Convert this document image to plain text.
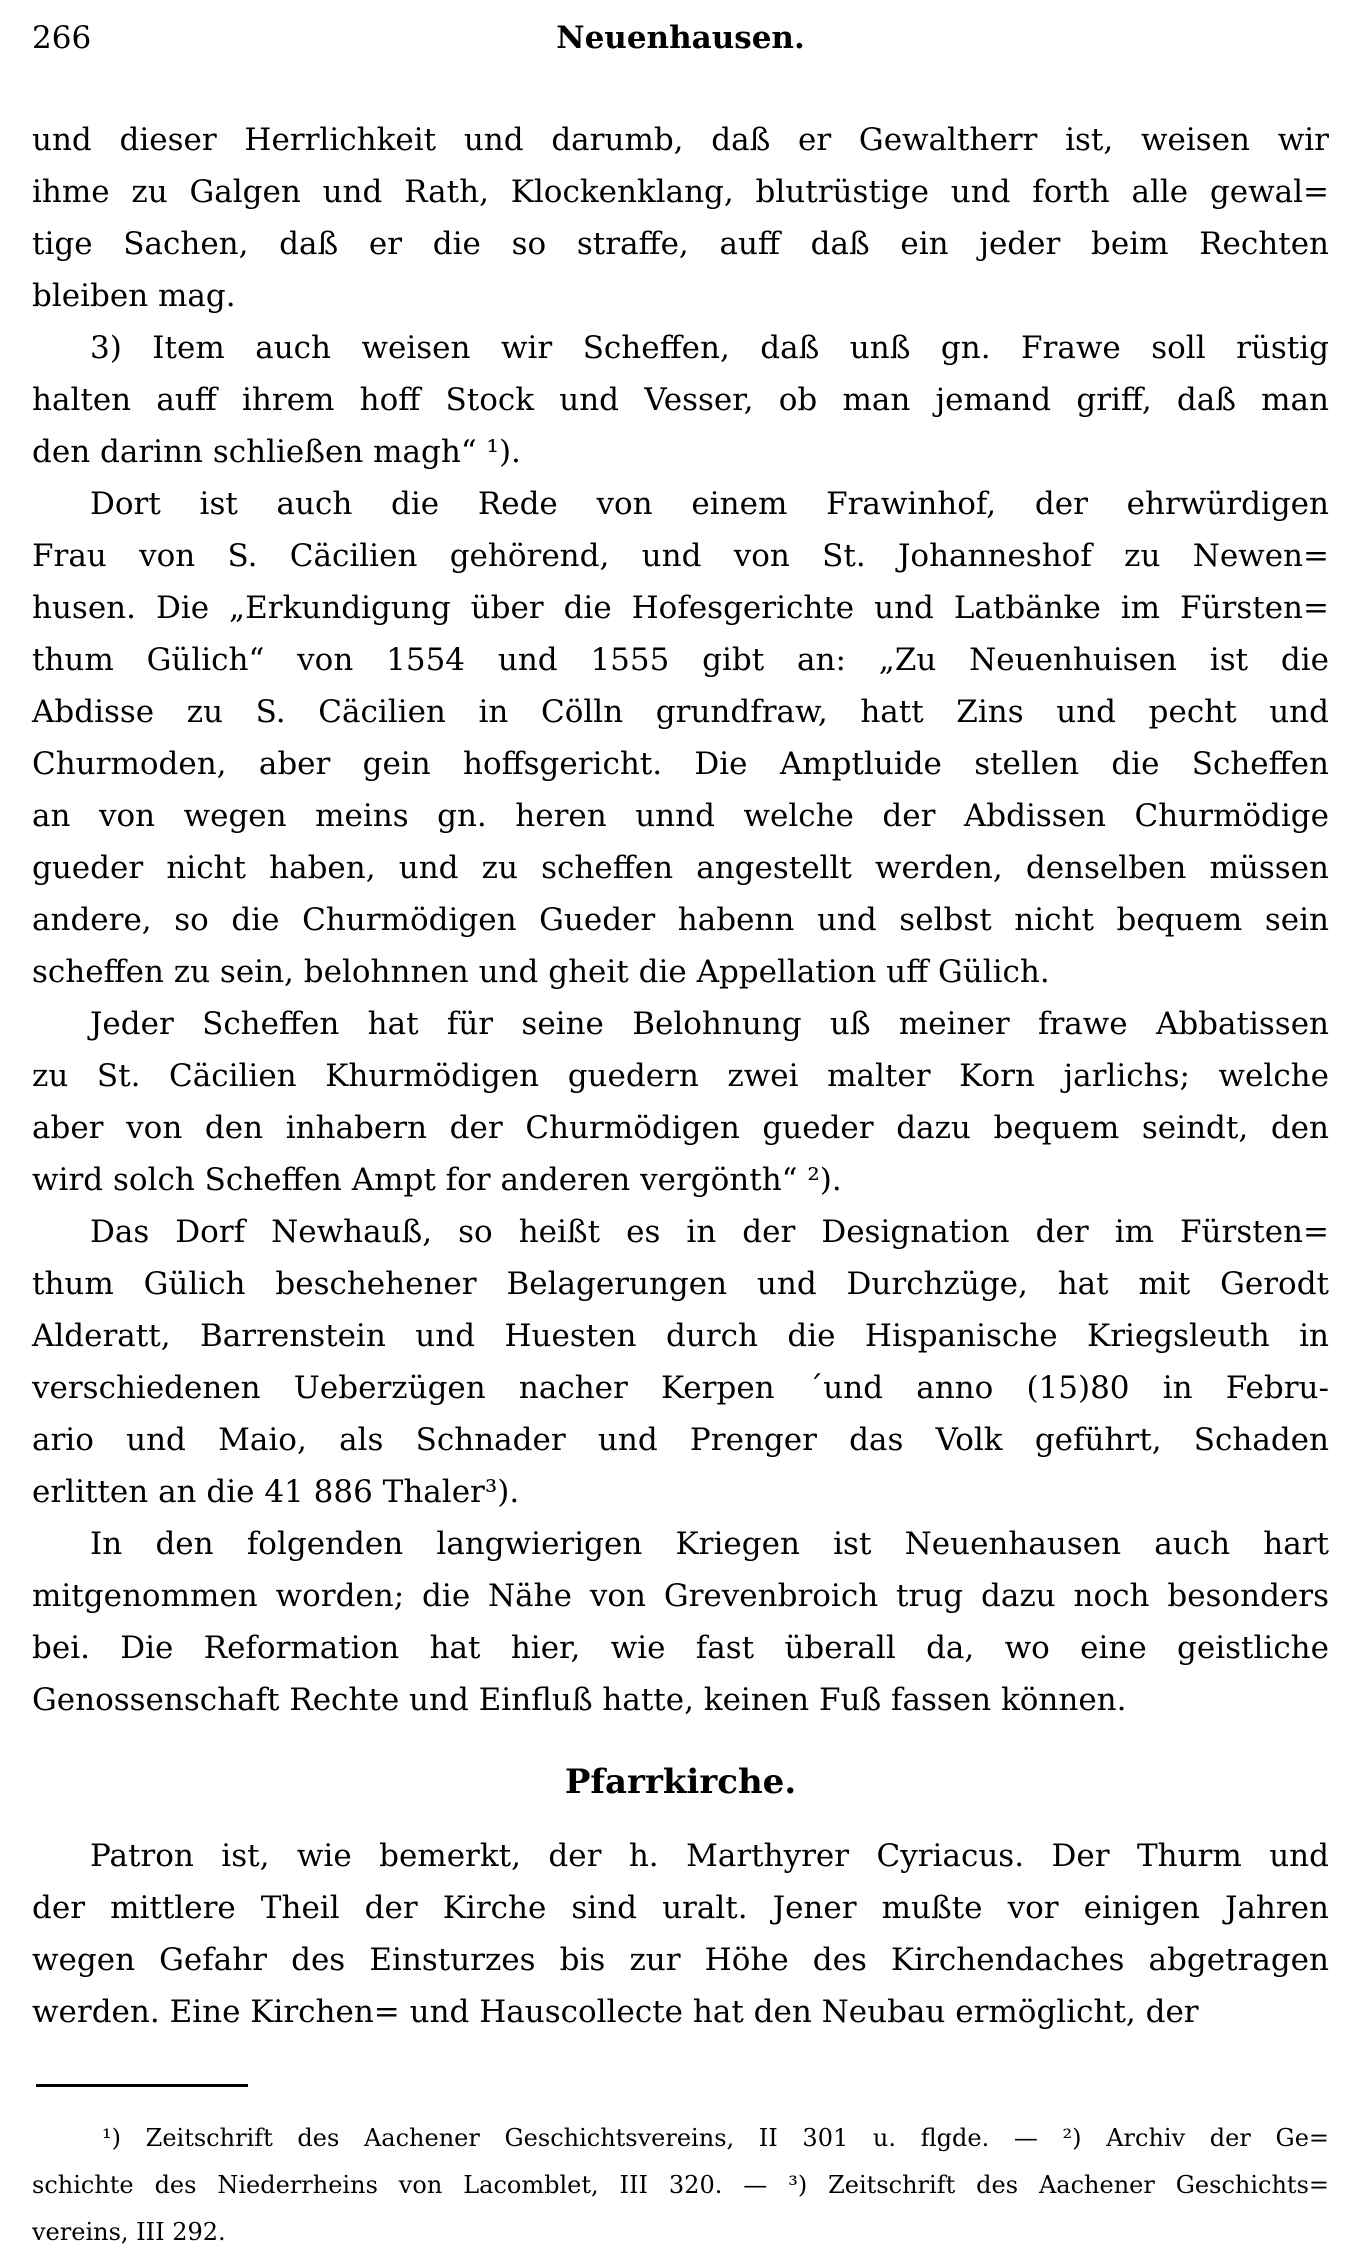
266	Neuenhausen.
und dieser Herrlichkeit und darumb, daß er Gewaltherr ist, weisen wir
ihme zu Galgen und Rath, Klockenklang, blutrüstige und forth alle gewal=
tige Sachen, daß er die so straffe, auff daß ein jeder beim Rechten
bleiben mag.
3) Item auch weisen wir Scheffen, daß unß gn. Frawe soll rüstig
halten auff ihrem hoff Stock und Vesser, ob man jemand griff, daß man
den darinn schließen magh“ ¹).
Dort ist auch die Rede von einem Frawinhof, der ehrwürdigen
Frau von S. Cäcilien gehörend, und von St. Johanneshof zu Newen=
husen. Die „Erkundigung über die Hofesgerichte und Latbänke im Fürsten=
thum Gülich“ von 1554 und 1555 gibt an: „Zu Neuenhuisen ist die
Abdisse zu S. Cäcilien in Cölln grundfraw, hatt Zins und pecht und
Churmoden, aber gein hoffsgericht. Die Amptluide stellen die Scheffen
an von wegen meins gn. heren unnd welche der Abdissen Churmödige
gueder nicht haben, und zu scheffen angestellt werden, denselben müssen
andere, so die Churmödigen Gueder habenn und selbst nicht bequem sein
scheffen zu sein, belohnnen und gheit die Appellation uff Gülich.
Jeder Scheffen hat für seine Belohnung uß meiner frawe Abbatissen
zu St. Cäcilien Khurmödigen guedern zwei malter Korn jarlichs; welche
aber von den inhabern der Churmödigen gueder dazu bequem seindt, den
wird solch Scheffen Ampt for anderen vergönth“ ²).
Das Dorf Newhauß, so heißt es in der Designation der im Fürsten=
thum Gülich beschehener Belagerungen und Durchzüge, hat mit Gerodt
Alderatt, Barrenstein und Huesten durch die Hispanische Kriegsleuth in
verschiedenen Ueberzügen nacher Kerpen ´und anno (15)80 in Febru-
ario und Maio, als Schnader und Prenger das Volk geführt, Schaden
erlitten an die 41 886 Thaler³).
In den folgenden langwierigen Kriegen ist Neuenhausen auch hart
mitgenommen worden; die Nähe von Grevenbroich trug dazu noch besonders
bei. Die Reformation hat hier, wie fast überall da, wo eine geistliche
Genossenschaft Rechte und Einfluß hatte, keinen Fuß fassen können.
Pfarrkirche.
Patron ist, wie bemerkt, der h. Marthyrer Cyriacus. Der Thurm und
der mittlere Theil der Kirche sind uralt. Jener mußte vor einigen Jahren
wegen Gefahr des Einsturzes bis zur Höhe des Kirchendaches abgetragen
werden. Eine Kirchen= und Hauscollecte hat den Neubau ermöglicht, der
¹) Zeitschrift des Aachener Geschichtsvereins, II 301 u. flgde. — ²) Archiv der Ge=
schichte des Niederrheins von Lacomblet, III 320. — ³) Zeitschrift des Aachener Geschichts=
vereins, III 292.
